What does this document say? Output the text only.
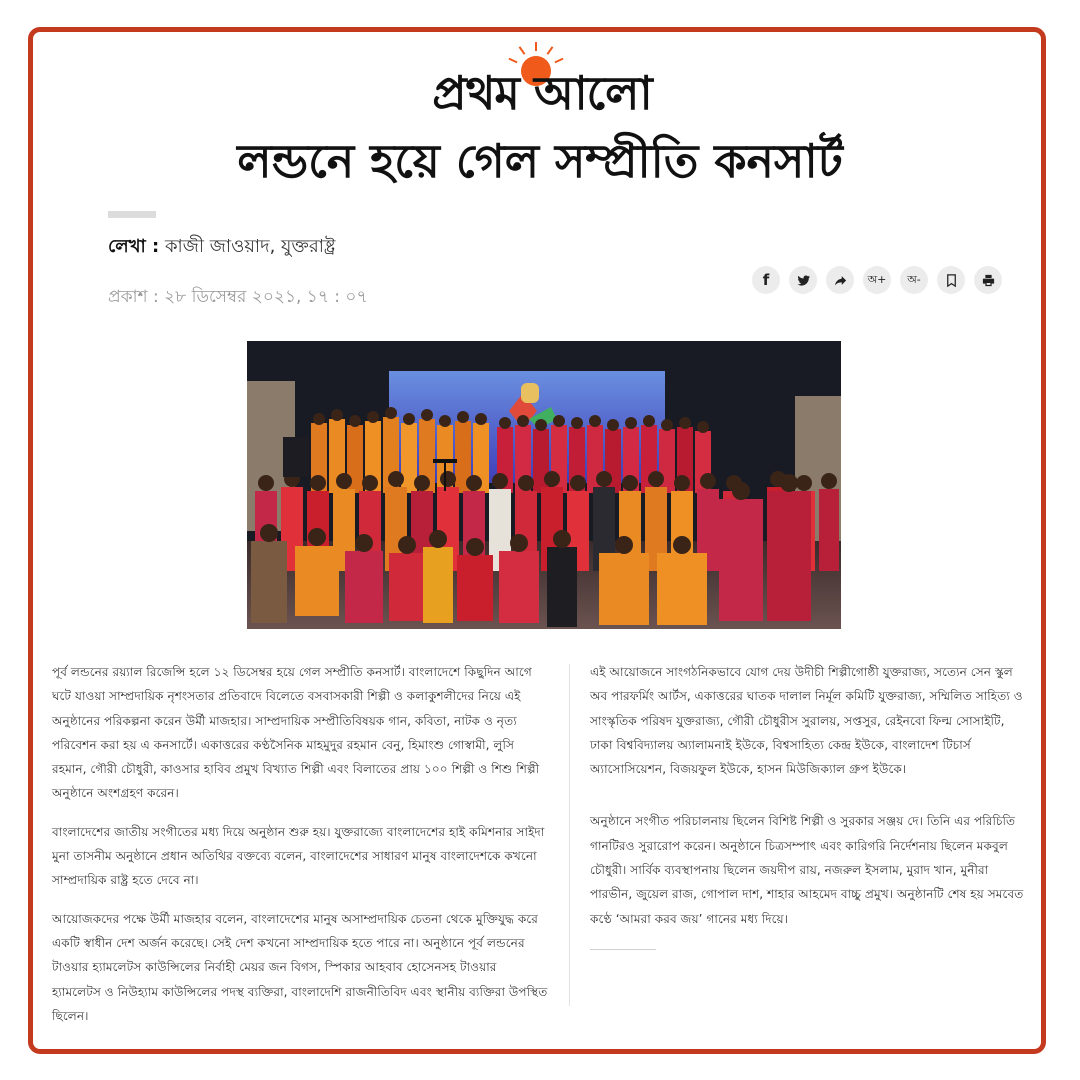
প্রথম আলো
লন্ডনে হয়ে গেল সম্প্রীতি কনসার্ট
লেখা : কাজী জাওয়াদ, যুক্তরাষ্ট্র
প্রকাশ : ২৮ ডিসেম্বর ২০২১, ১৭ : ০৭
f	অ+ অ-

পূর্ব লন্ডনের রয়্যাল রিজেন্সি হলে ১২ ডিসেম্বর হয়ে গেল সম্প্রীতি কনসার্ট। বাংলাদেশে কিছুদিন আগে ঘটে যাওয়া সাম্প্রদায়িক নৃশংসতার প্রতিবাদে বিলেতে বসবাসকারী শিল্পী ও কলাকুশলীদের নিয়ে এই অনুষ্ঠানের পরিকল্পনা করেন উর্মী মাজহার। সাম্প্রদায়িক সম্প্রীতিবিষয়ক গান, কবিতা, নাটক ও নৃত্য পরিবেশন করা হয় এ কনসার্টে। একাত্তরের কণ্ঠসৈনিক মাহমুদুর রহমান বেনু, হিমাংশু গোস্বামী, লুসি রহমান, গৌরী চৌধুরী, কাওসার হাবিব প্রমুখ বিখ্যাত শিল্পী এবং বিলাতের প্রায় ১০০ শিল্পী ও শিশু শিল্পী অনুষ্ঠানে অংশগ্রহণ করেন।

বাংলাদেশের জাতীয় সংগীতের মধ্য দিয়ে অনুষ্ঠান শুরু হয়। যুক্তরাজ্যে বাংলাদেশের হাই কমিশনার সাইদা মুনা তাসনীম অনুষ্ঠানে প্রধান অতিথির বক্তব্যে বলেন, বাংলাদেশের সাধারণ মানুষ বাংলাদেশকে কখনো সাম্প্রদায়িক রাষ্ট্র হতে দেবে না।

আয়োজকদের পক্ষে উর্মী মাজহার বলেন, বাংলাদেশের মানুষ অসাম্প্রদায়িক চেতনা থেকে মুক্তিযুদ্ধ করে একটি স্বাধীন দেশ অর্জন করেছে। সেই দেশ কখনো সাম্প্রদায়িক হতে পারে না। অনুষ্ঠানে পূর্ব লন্ডনের টাওয়ার হ্যামলেটস কাউন্সিলের নির্বাহী মেয়র জন বিগস, স্পিকার আহবাব হোসেনসহ টাওয়ার হ্যামলেটস ও নিউহ্যাম কাউন্সিলের পদস্থ ব্যক্তিরা, বাংলাদেশি রাজনীতিবিদ এবং স্থানীয় ব্যক্তিরা উপস্থিত ছিলেন।

এই আয়োজনে সাংগঠনিকভাবে যোগ দেয় উদীচী শিল্পীগোষ্ঠী যুক্তরাজ্য, সত্যেন সেন স্কুল অব পারফর্মিং আর্টস, একাত্তরের ঘাতক দালাল নির্মূল কমিটি যুক্তরাজ্য, সম্মিলিত সাহিত্য ও সাংস্কৃতিক পরিষদ যুক্তরাজ্য, গৌরী চৌধুরীস সুরালয়, সপ্তসুর, রেইনবো ফিল্ম সোসাইটি, ঢাকা বিশ্ববিদ্যালয় অ্যালামনাই ইউকে, বিশ্বসাহিত্য কেন্দ্র ইউকে, বাংলাদেশ টিচার্স অ্যাসোসিয়েশন, বিজয়ফুল ইউকে, হাসন মিউজিক্যাল গ্রুপ ইউকে।

অনুষ্ঠানে সংগীত পরিচালনায় ছিলেন বিশিষ্ট শিল্পী ও সুরকার সঞ্জয় দে। তিনি এর পরিচিতি গানটিরও সুরারোপ করেন। অনুষ্ঠানে চিত্রসম্পাৎ এবং কারিগরি নির্দেশনায় ছিলেন মকবুল চৌধুরী। সার্বিক ব্যবস্থাপনায় ছিলেন জয়দীপ রায়, নজরুল ইসলাম, মুরাদ খান, মুনীরা পারভীন, জুয়েল রাজ, গোপাল দাশ, শাহার আহমেদ বাচ্চু প্রমুখ। অনুষ্ঠানটি শেষ হয় সমবেত কণ্ঠে ‘আমরা করব জয়’ গানের মধ্য দিয়ে।
